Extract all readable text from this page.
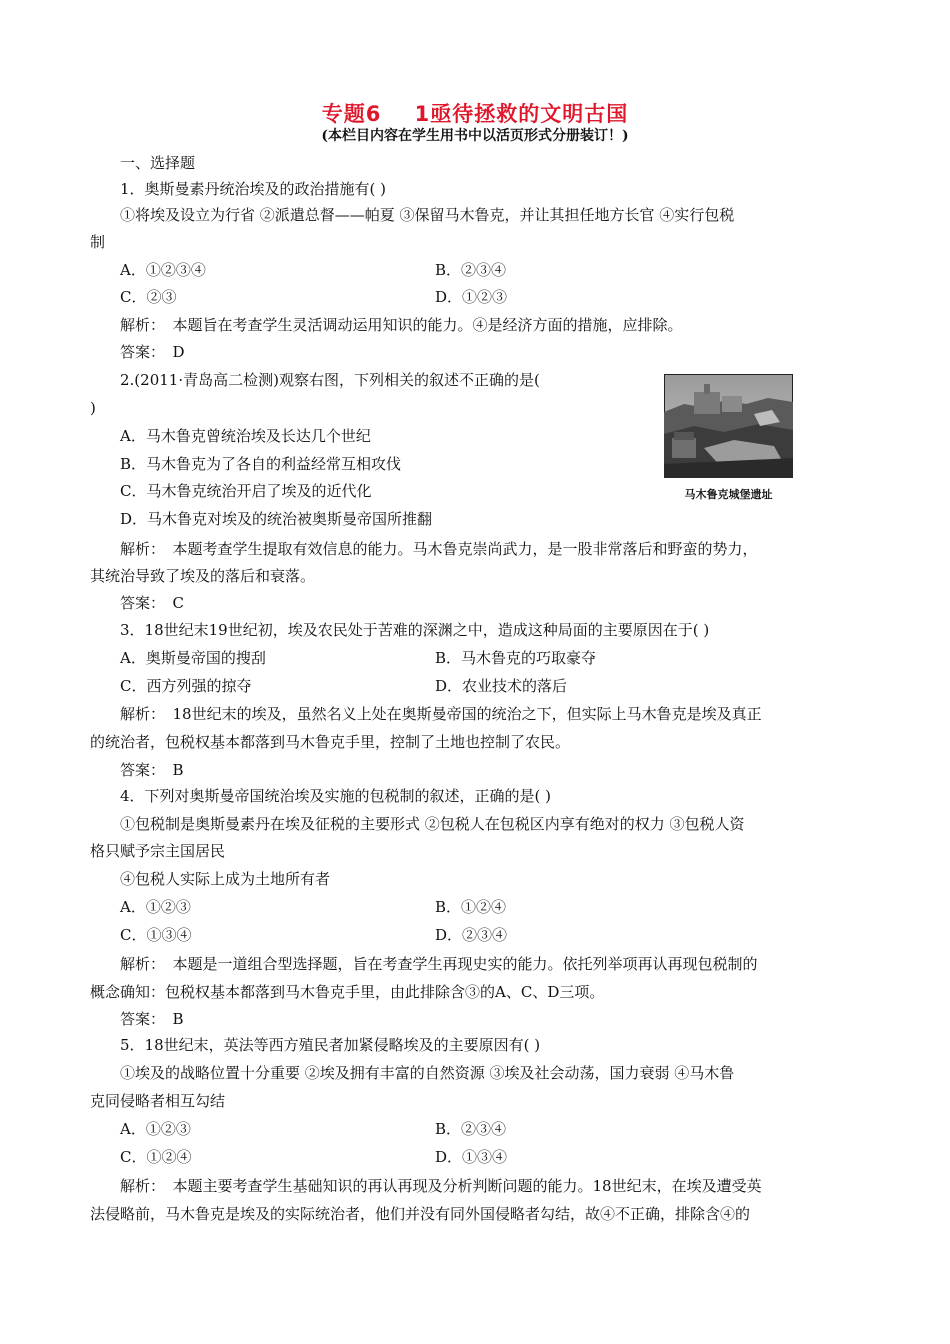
专题6    1亟待拯救的文明古国
(本栏目内容在学生用书中以活页形式分册装订！)
一、选择题
1．奥斯曼素丹统治埃及的政治措施有( )
①将埃及设立为行省 ②派遣总督——帕夏 ③保留马木鲁克，并让其担任地方长官 ④实行包税
制
A．①②③④	B．②③④
C．②③	D．①②③
解析：　本题旨在考查学生灵活调动运用知识的能力。④是经济方面的措施，应排除。
答案：　D
2.(2011·青岛高二检测)观察右图，下列相关的叙述不正确的是(
)
A．马木鲁克曾统治埃及长达几个世纪
B．马木鲁克为了各自的利益经常互相攻伐
C．马木鲁克统治开启了埃及的近代化
D．马木鲁克对埃及的统治被奥斯曼帝国所推翻
马木鲁克城堡遗址
解析：　本题考查学生提取有效信息的能力。马木鲁克崇尚武力，是一股非常落后和野蛮的势力，
其统治导致了埃及的落后和衰落。
答案：　C
3．18世纪末19世纪初，埃及农民处于苦难的深渊之中，造成这种局面的主要原因在于( )
A．奥斯曼帝国的搜刮	B．马木鲁克的巧取豪夺
C．西方列强的掠夺	D．农业技术的落后
解析：　18世纪末的埃及，虽然名义上处在奥斯曼帝国的统治之下，但实际上马木鲁克是埃及真正
的统治者，包税权基本都落到马木鲁克手里，控制了土地也控制了农民。
答案：　B
4．下列对奥斯曼帝国统治埃及实施的包税制的叙述，正确的是( )
①包税制是奥斯曼素丹在埃及征税的主要形式 ②包税人在包税区内享有绝对的权力 ③包税人资
格只赋予宗主国居民
④包税人实际上成为土地所有者
A．①②③	B．①②④
C．①③④	D．②③④
解析：　本题是一道组合型选择题，旨在考查学生再现史实的能力。依托列举项再认再现包税制的
概念确知：包税权基本都落到马木鲁克手里，由此排除含③的A、C、D三项。
答案：　B
5．18世纪末，英法等西方殖民者加紧侵略埃及的主要原因有( )
①埃及的战略位置十分重要 ②埃及拥有丰富的自然资源 ③埃及社会动荡，国力衰弱 ④马木鲁
克同侵略者相互勾结
A．①②③	B．②③④
C．①②④	D．①③④
解析：　本题主要考查学生基础知识的再认再现及分析判断问题的能力。18世纪末，在埃及遭受英
法侵略前，马木鲁克是埃及的实际统治者，他们并没有同外国侵略者勾结，故④不正确，排除含④的
